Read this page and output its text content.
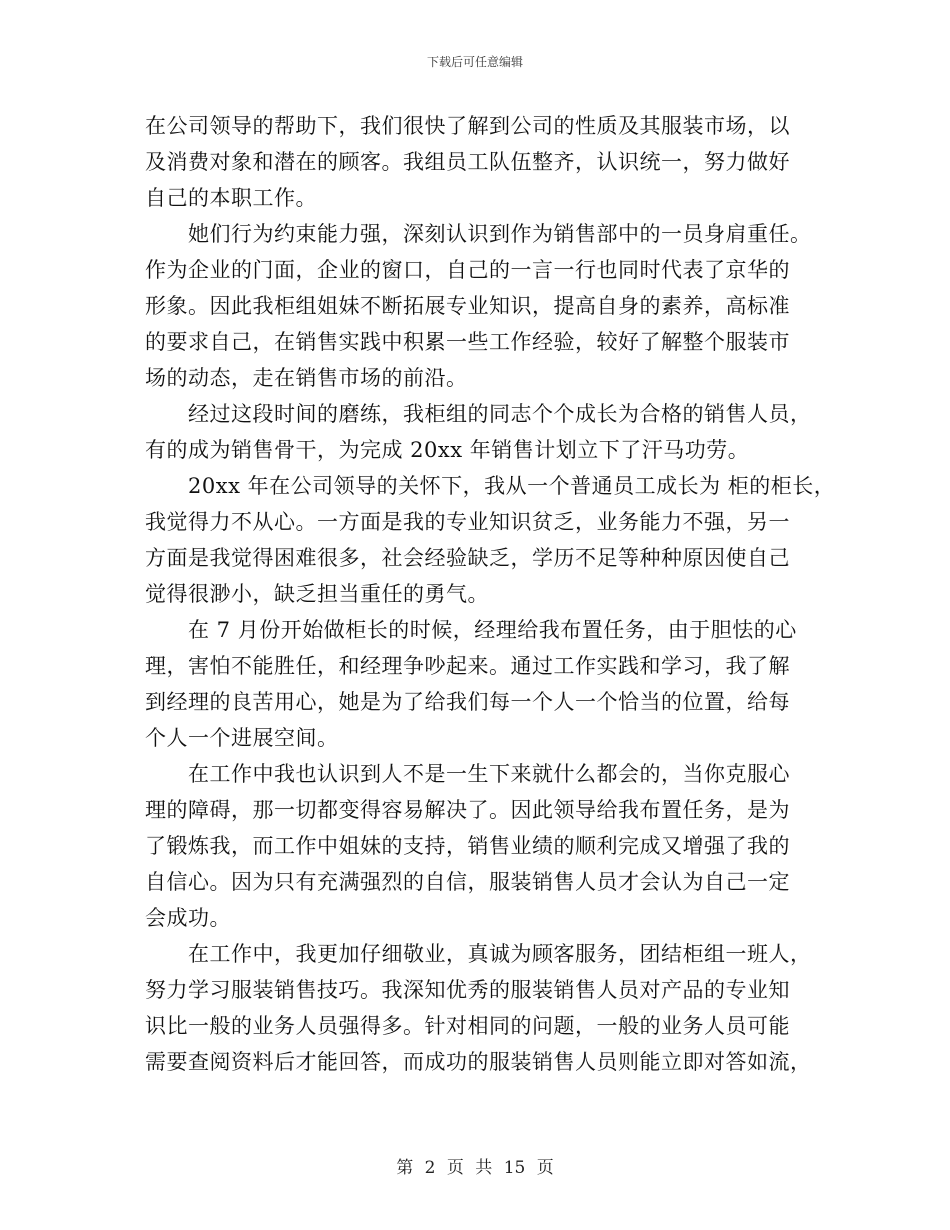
下载后可任意编辑
在公司领导的帮助下，我们很快了解到公司的性质及其服装市场，以
及消费对象和潜在的顾客。我组员工队伍整齐，认识统一，努力做好
自己的本职工作。
她们行为约束能力强，深刻认识到作为销售部中的一员身肩重任。
作为企业的门面，企业的窗口，自己的一言一行也同时代表了京华的
形象。因此我柜组姐妹不断拓展专业知识，提高自身的素养，高标准
的要求自己，在销售实践中积累一些工作经验，较好了解整个服装市
场的动态，走在销售市场的前沿。
经过这段时间的磨练，我柜组的同志个个成长为合格的销售人员，
有的成为销售骨干，为完成 20xx 年销售计划立下了汗马功劳。
20xx 年在公司领导的关怀下，我从一个普通员工成长为 柜的柜长，
我觉得力不从心。一方面是我的专业知识贫乏，业务能力不强，另一
方面是我觉得困难很多，社会经验缺乏，学历不足等种种原因使自己
觉得很渺小，缺乏担当重任的勇气。
在 7 月份开始做柜长的时候，经理给我布置任务，由于胆怯的心
理，害怕不能胜任，和经理争吵起来。通过工作实践和学习，我了解
到经理的良苦用心，她是为了给我们每一个人一个恰当的位置，给每
个人一个进展空间。
在工作中我也认识到人不是一生下来就什么都会的，当你克服心
理的障碍，那一切都变得容易解决了。因此领导给我布置任务，是为
了锻炼我，而工作中姐妹的支持，销售业绩的顺利完成又增强了我的
自信心。因为只有充满强烈的自信，服装销售人员才会认为自己一定
会成功。
在工作中，我更加仔细敬业，真诚为顾客服务，团结柜组一班人，
努力学习服装销售技巧。我深知优秀的服装销售人员对产品的专业知
识比一般的业务人员强得多。针对相同的问题，一般的业务人员可能
需要查阅资料后才能回答，而成功的服装销售人员则能立即对答如流，
第 2 页 共 15 页
